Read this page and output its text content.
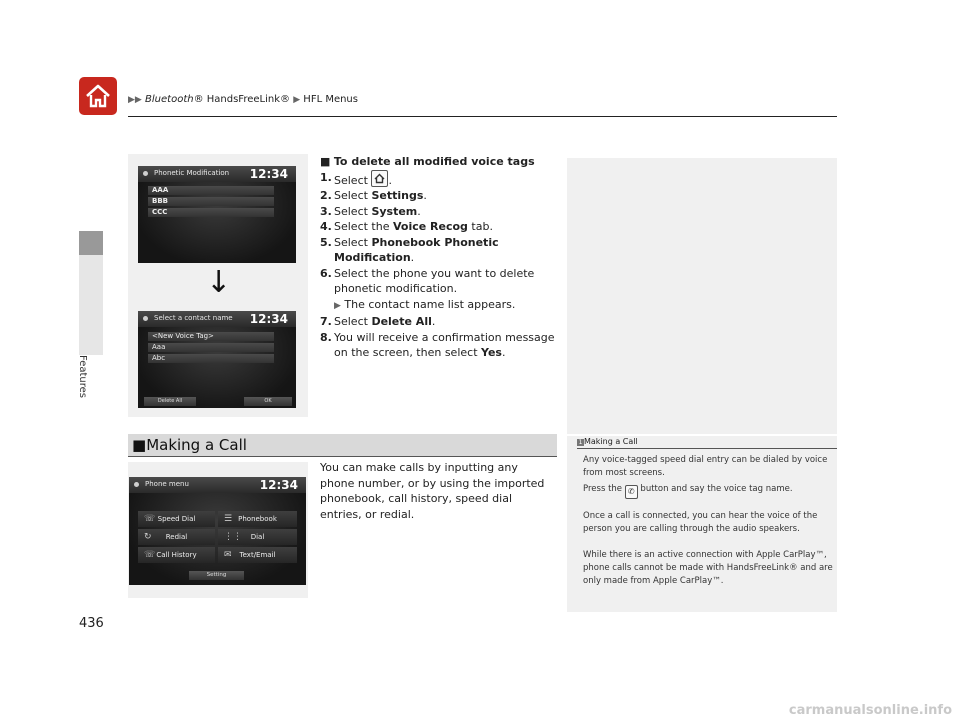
▶▶ Bluetooth® HandsFreeLink® ▶ HFL Menus
Features
436
Phonetic Modification 12:34
AAA
BBB
CCC
↓
Select a contact name 12:34
<New Voice Tag>
Aaa
Abc
Delete All	OK
■ To delete all modified voice tags
1. Select
.
2. Select Settings.
3. Select System.
4. Select the Voice Recog tab.
5. Select Phonebook Phonetic Modification.
6. Select the phone you want to delete phonetic modification.
▶ The contact name list appears.
7. Select Delete All.
8. You will receive a confirmation message on the screen, then select Yes.
1 Making a Call
Any voice-tagged speed dial entry can be dialed by voice from most screens.
Press the ✆ button and say the voice tag name.
Once a call is connected, you can hear the voice of the person you are calling through the audio speakers.
While there is an active connection with Apple CarPlay™, phone calls cannot be made with HandsFreeLink® and are only made from Apple CarPlay™.
■Making a Call
You can make calls by inputting any phone number, or by using the imported phonebook, call history, speed dial entries, or redial.
Phone menu	12:34
☏ Speed Dial	☰ Phonebook
↻ Redial	⋮⋮ Dial
☏ Call History	✉ Text/Email
Setting
carmanualsonline.info
